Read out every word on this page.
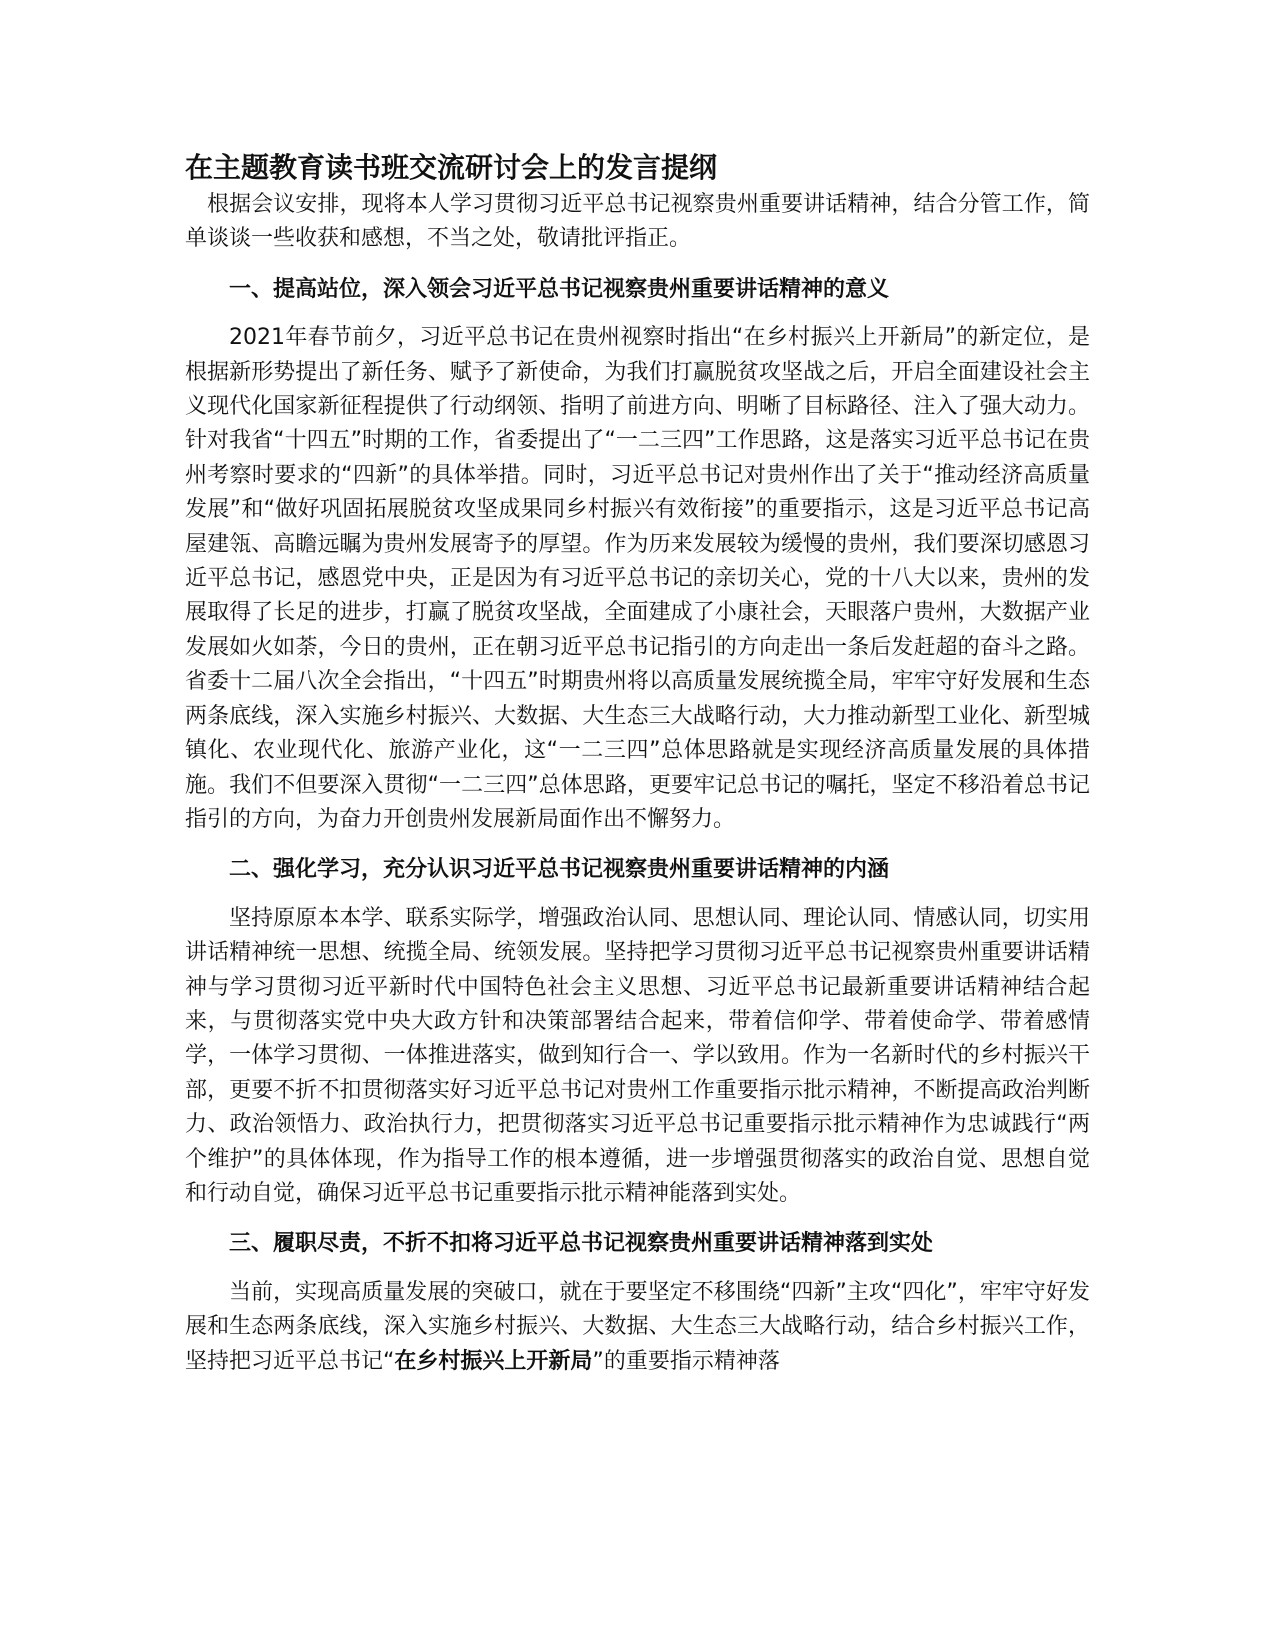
在主题教育读书班交流研讨会上的发言提纲

根据会议安排，现将本人学习贯彻习近平总书记视察贵州重要讲话精神，结合分管工作，简单谈谈一些收获和感想，不当之处，敬请批评指正。

一、提高站位，深入领会习近平总书记视察贵州重要讲话精神的意义

2021年春节前夕，习近平总书记在贵州视察时指出“在乡村振兴上开新局”的新定位，是根据新形势提出了新任务、赋予了新使命，为我们打赢脱贫攻坚战之后，开启全面建设社会主义现代化国家新征程提供了行动纲领、指明了前进方向、明晰了目标路径、注入了强大动力。针对我省“十四五”时期的工作，省委提出了“一二三四”工作思路，这是落实习近平总书记在贵州考察时要求的“四新”的具体举措。同时，习近平总书记对贵州作出了关于“推动经济高质量发展”和“做好巩固拓展脱贫攻坚成果同乡村振兴有效衔接”的重要指示，这是习近平总书记高屋建瓴、高瞻远瞩为贵州发展寄予的厚望。作为历来发展较为缓慢的贵州，我们要深切感恩习近平总书记，感恩党中央，正是因为有习近平总书记的亲切关心，党的十八大以来，贵州的发展取得了长足的进步，打赢了脱贫攻坚战，全面建成了小康社会，天眼落户贵州，大数据产业发展如火如荼，今日的贵州，正在朝习近平总书记指引的方向走出一条后发赶超的奋斗之路。省委十二届八次全会指出，“十四五”时期贵州将以高质量发展统揽全局，牢牢守好发展和生态两条底线，深入实施乡村振兴、大数据、大生态三大战略行动，大力推动新型工业化、新型城镇化、农业现代化、旅游产业化，这“一二三四”总体思路就是实现经济高质量发展的具体措施。我们不但要深入贯彻“一二三四”总体思路，更要牢记总书记的嘱托，坚定不移沿着总书记指引的方向，为奋力开创贵州发展新局面作出不懈努力。

二、强化学习，充分认识习近平总书记视察贵州重要讲话精神的内涵

坚持原原本本学、联系实际学，增强政治认同、思想认同、理论认同、情感认同，切实用讲话精神统一思想、统揽全局、统领发展。坚持把学习贯彻习近平总书记视察贵州重要讲话精神与学习贯彻习近平新时代中国特色社会主义思想、习近平总书记最新重要讲话精神结合起来，与贯彻落实党中央大政方针和决策部署结合起来，带着信仰学、带着使命学、带着感情学，一体学习贯彻、一体推进落实，做到知行合一、学以致用。作为一名新时代的乡村振兴干部，更要不折不扣贯彻落实好习近平总书记对贵州工作重要指示批示精神，不断提高政治判断力、政治领悟力、政治执行力，把贯彻落实习近平总书记重要指示批示精神作为忠诚践行“两个维护”的具体体现，作为指导工作的根本遵循，进一步增强贯彻落实的政治自觉、思想自觉和行动自觉，确保习近平总书记重要指示批示精神能落到实处。

三、履职尽责，不折不扣将习近平总书记视察贵州重要讲话精神落到实处

当前，实现高质量发展的突破口，就在于要坚定不移围绕“四新”主攻“四化”，牢牢守好发展和生态两条底线，深入实施乡村振兴、大数据、大生态三大战略行动，结合乡村振兴工作，坚持把习近平总书记“在乡村振兴上开新局”的重要指示精神落
